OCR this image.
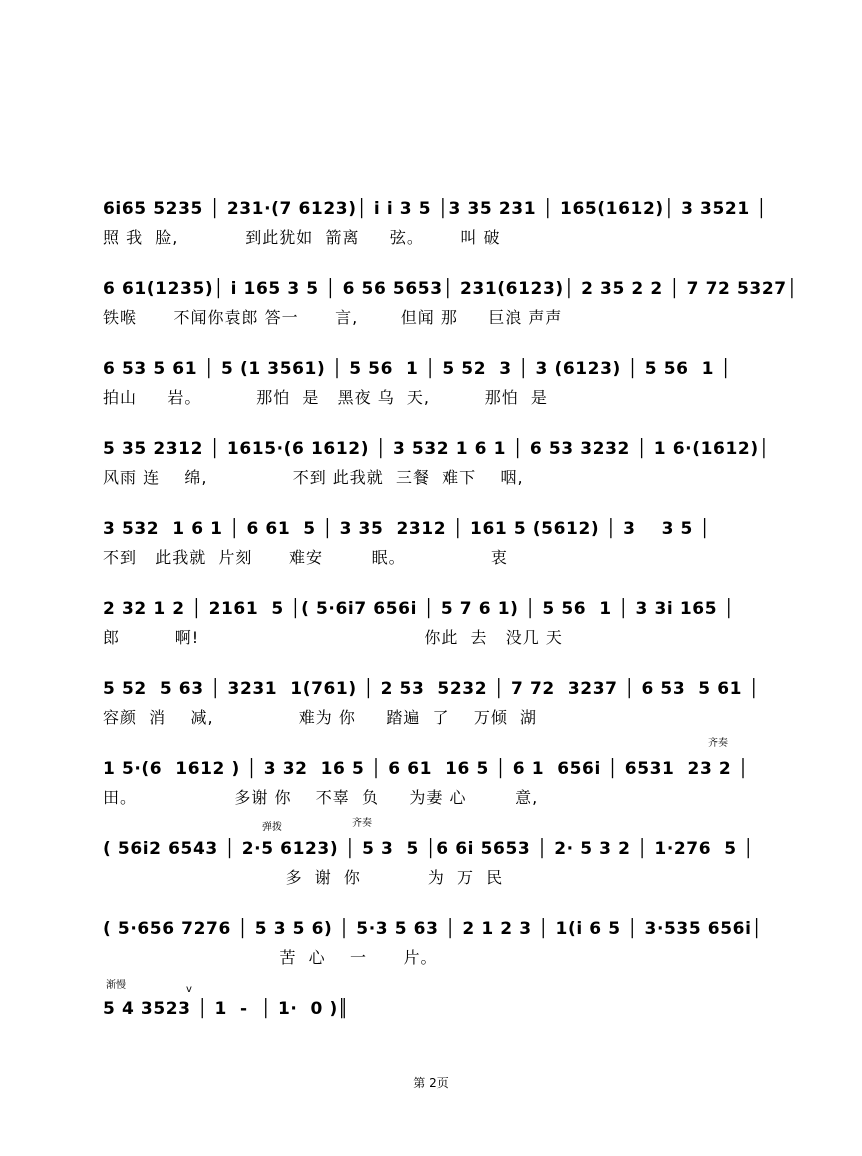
6i65 5235 │ 231·(7 6123)│ i i 3 5 │3 35 231 │ 165(1612)│ 3 3521 │
照 我  脸,           到此犹如  箭离     弦。      叫 破
6 61(1235)│ i 165 3 5 │ 6 56 5653│ 231(6123)│ 2 35 2 2 │ 7 72 5327│
铁喉      不闻你袁郎 答一      言,       但闻 那     巨浪 声声
6 53 5 61 │ 5 (1 3561) │ 5 56  1 │ 5 52  3 │ 3 (6123) │ 5 56  1 │
拍山     岩。         那怕  是   黑夜 乌  天,         那怕  是
5 35 2312 │ 1615·(6 1612) │ 3 532 1 6 1 │ 6 53 3232 │ 1 6·(1612)│
风雨 连    绵,              不到 此我就  三餐  难下    咽,
3 532  1 6 1 │ 6 61  5 │ 3 35  2312 │ 161 5 (5612) │ 3    3 5 │
不到   此我就  片刻      难安        眠。              衷
2 32 1 2 │ 2161  5 │( 5·6i7 656i │ 5 7 6 1) │ 5 56  1 │ 3 3i 165 │
郎         啊!                                     你此  去   没几 天
5 52  5 63 │ 3231  1(761) │ 2 53  5232 │ 7 72  3237 │ 6 53  5 61 │
容颜  消    减,              难为 你     踏遍  了    万倾  湖
齐奏
1 5·(6  1612 ) │ 3 32  16 5 │ 6 61  16 5 │ 6 1  656i │ 6531  23 2 │
田。                多谢 你    不辜  负     为妻 心        意,
弹拨	齐奏
( 56i2 6543 │ 2·5 6123) │ 5 3  5 │6 6i 5653 │ 2· 5 3 2 │ 1·276  5 │
多  谢  你           为  万  民
( 5·656 7276 │ 5 3 5 6) │ 5·3 5 63 │ 2 1 2 3 │ 1(i 6 5 │ 3·535 656i│
苦  心    一      片。
渐慢	v
5 4 3523 │ 1  -  │ 1·  0 )║
第 2页
